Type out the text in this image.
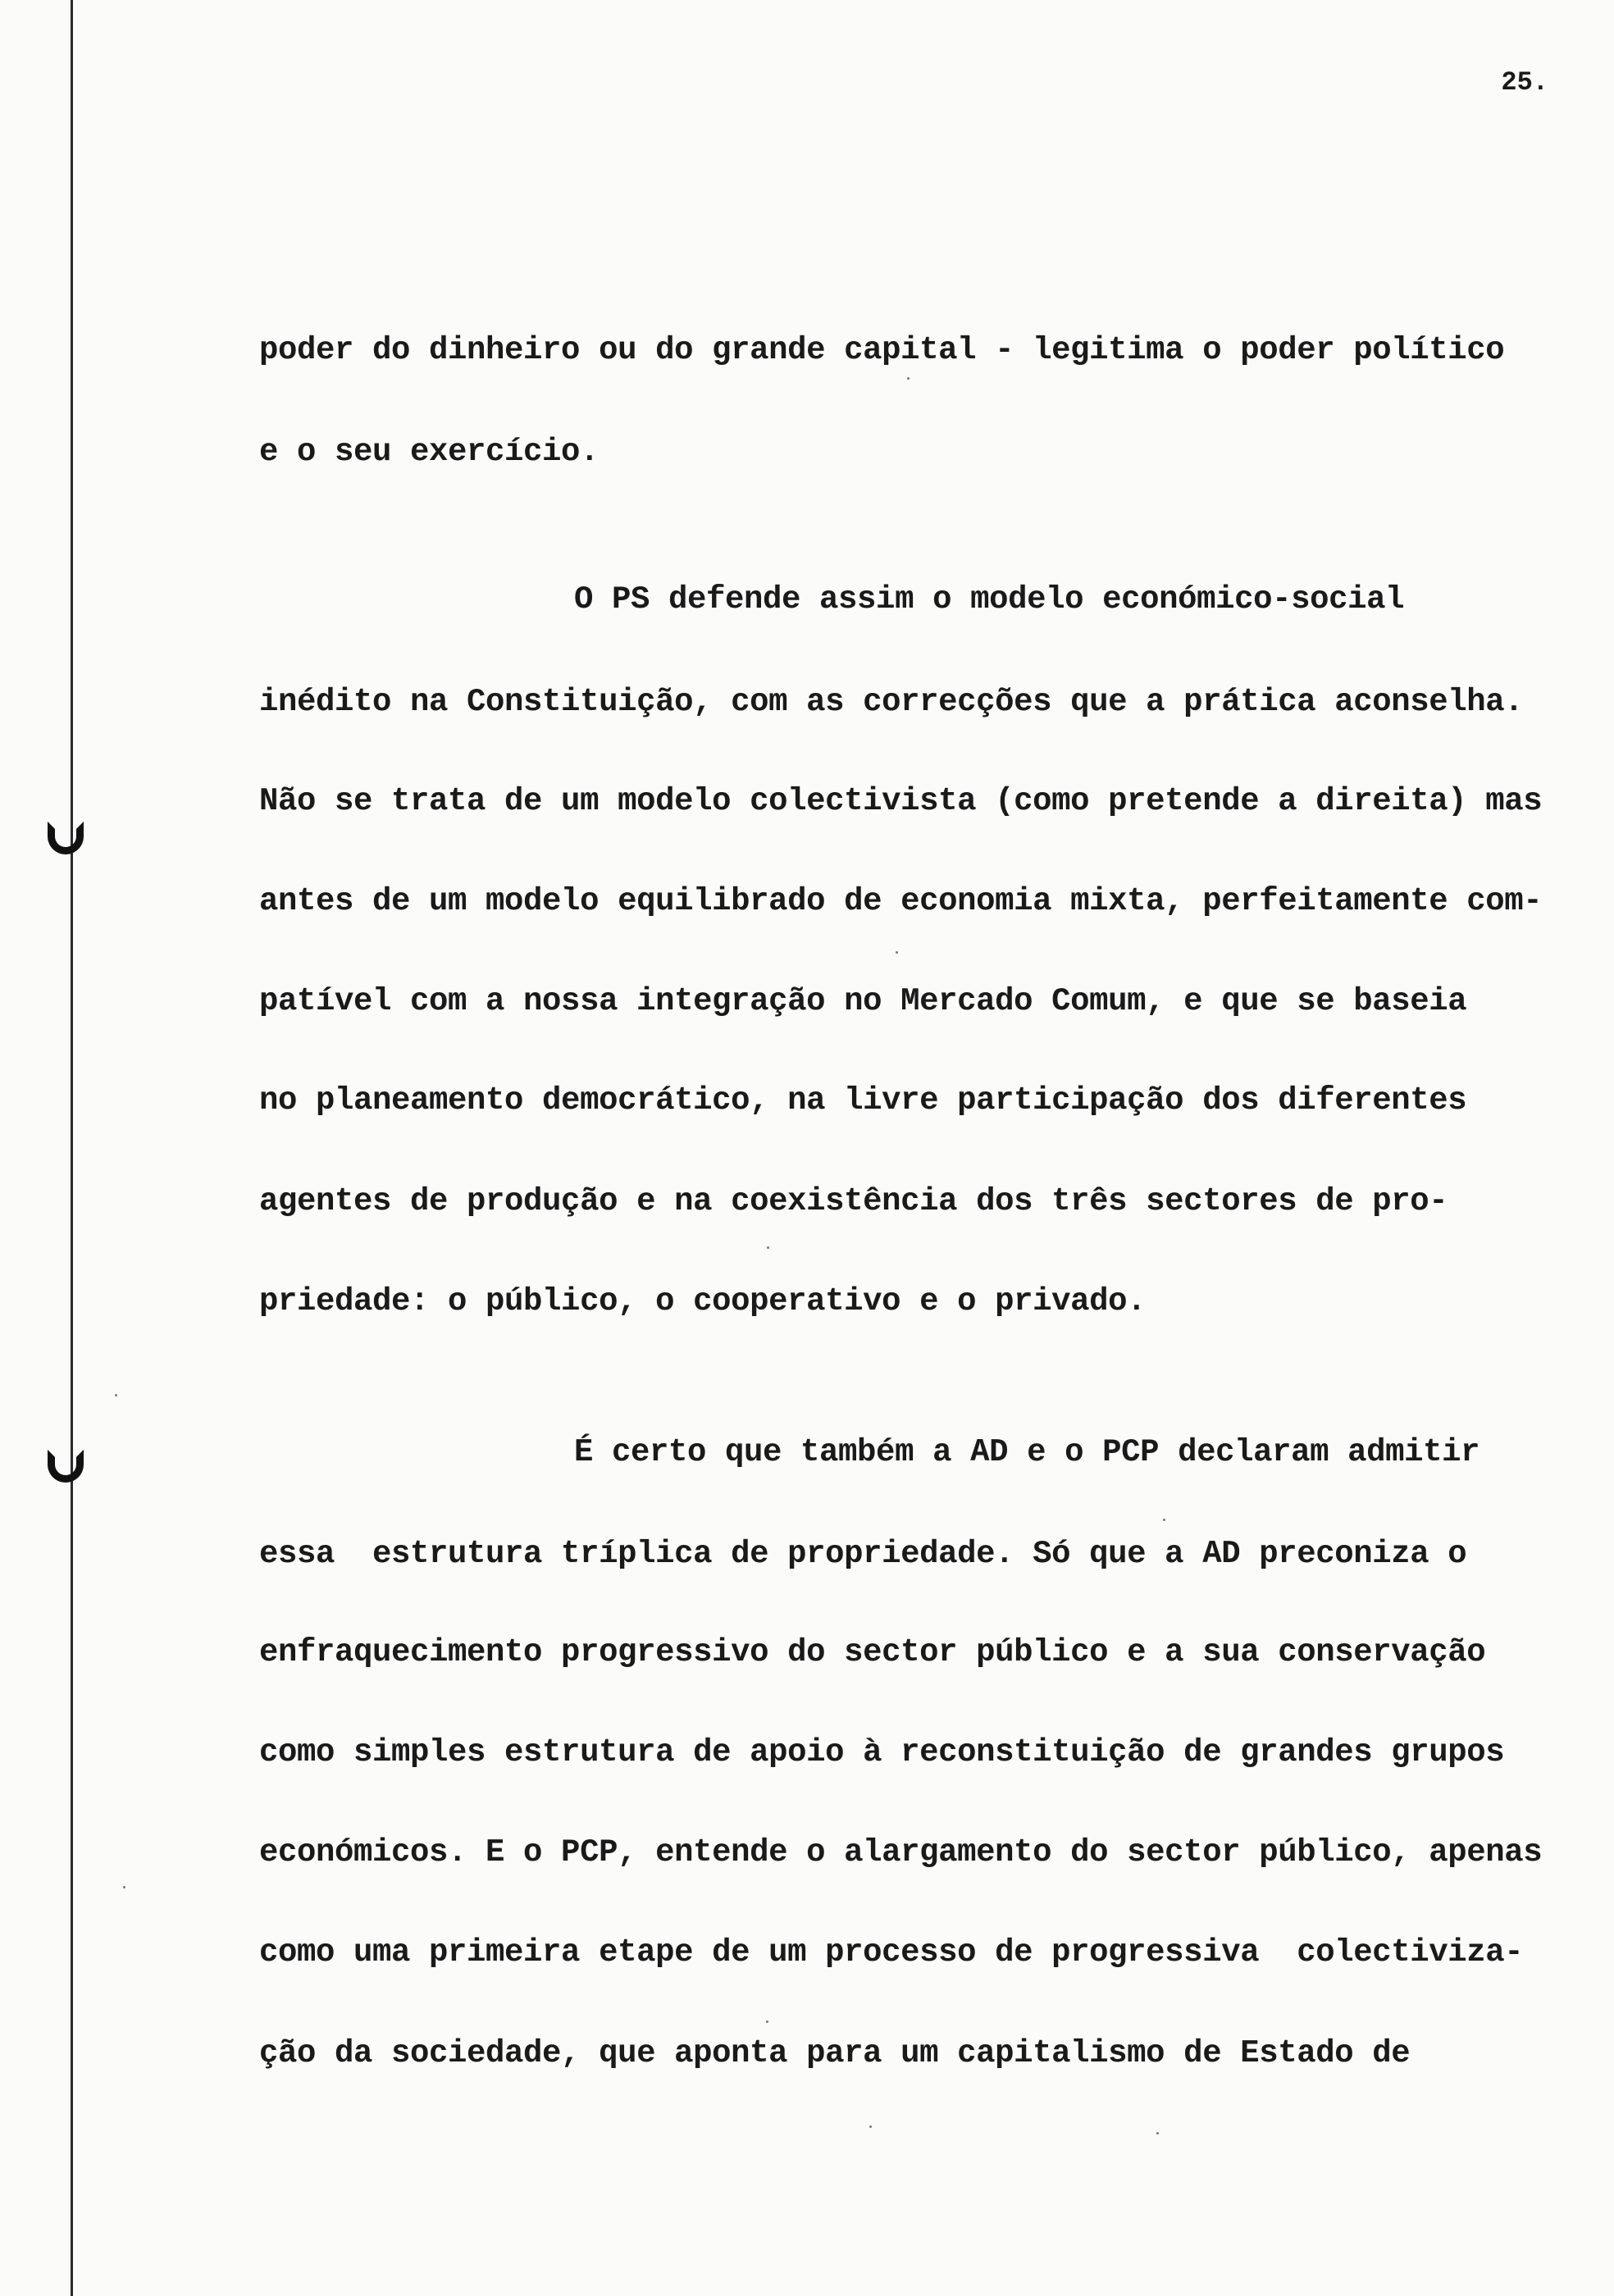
25.
poder do dinheiro ou do grande capital - legitima o poder político
e o seu exercício.
O PS defende assim o modelo económico-social
inédito na Constituição, com as correcções que a prática aconselha.
Não se trata de um modelo colectivista (como pretende a direita) mas
antes de um modelo equilibrado de economia mixta, perfeitamente com-
patível com a nossa integração no Mercado Comum, e que se baseia
no planeamento democrático, na livre participação dos diferentes
agentes de produção e na coexistência dos três sectores de pro-
priedade: o público, o cooperativo e o privado.
É certo que também a AD e o PCP declaram admitir
essa  estrutura tríplica de propriedade. Só que a AD preconiza o
enfraquecimento progressivo do sector público e a sua conservação
como simples estrutura de apoio à reconstituição de grandes grupos
económicos. E o PCP, entende o alargamento do sector público, apenas
como uma primeira etape de um processo de progressiva  colectiviza-
ção da sociedade, que aponta para um capitalismo de Estado de
